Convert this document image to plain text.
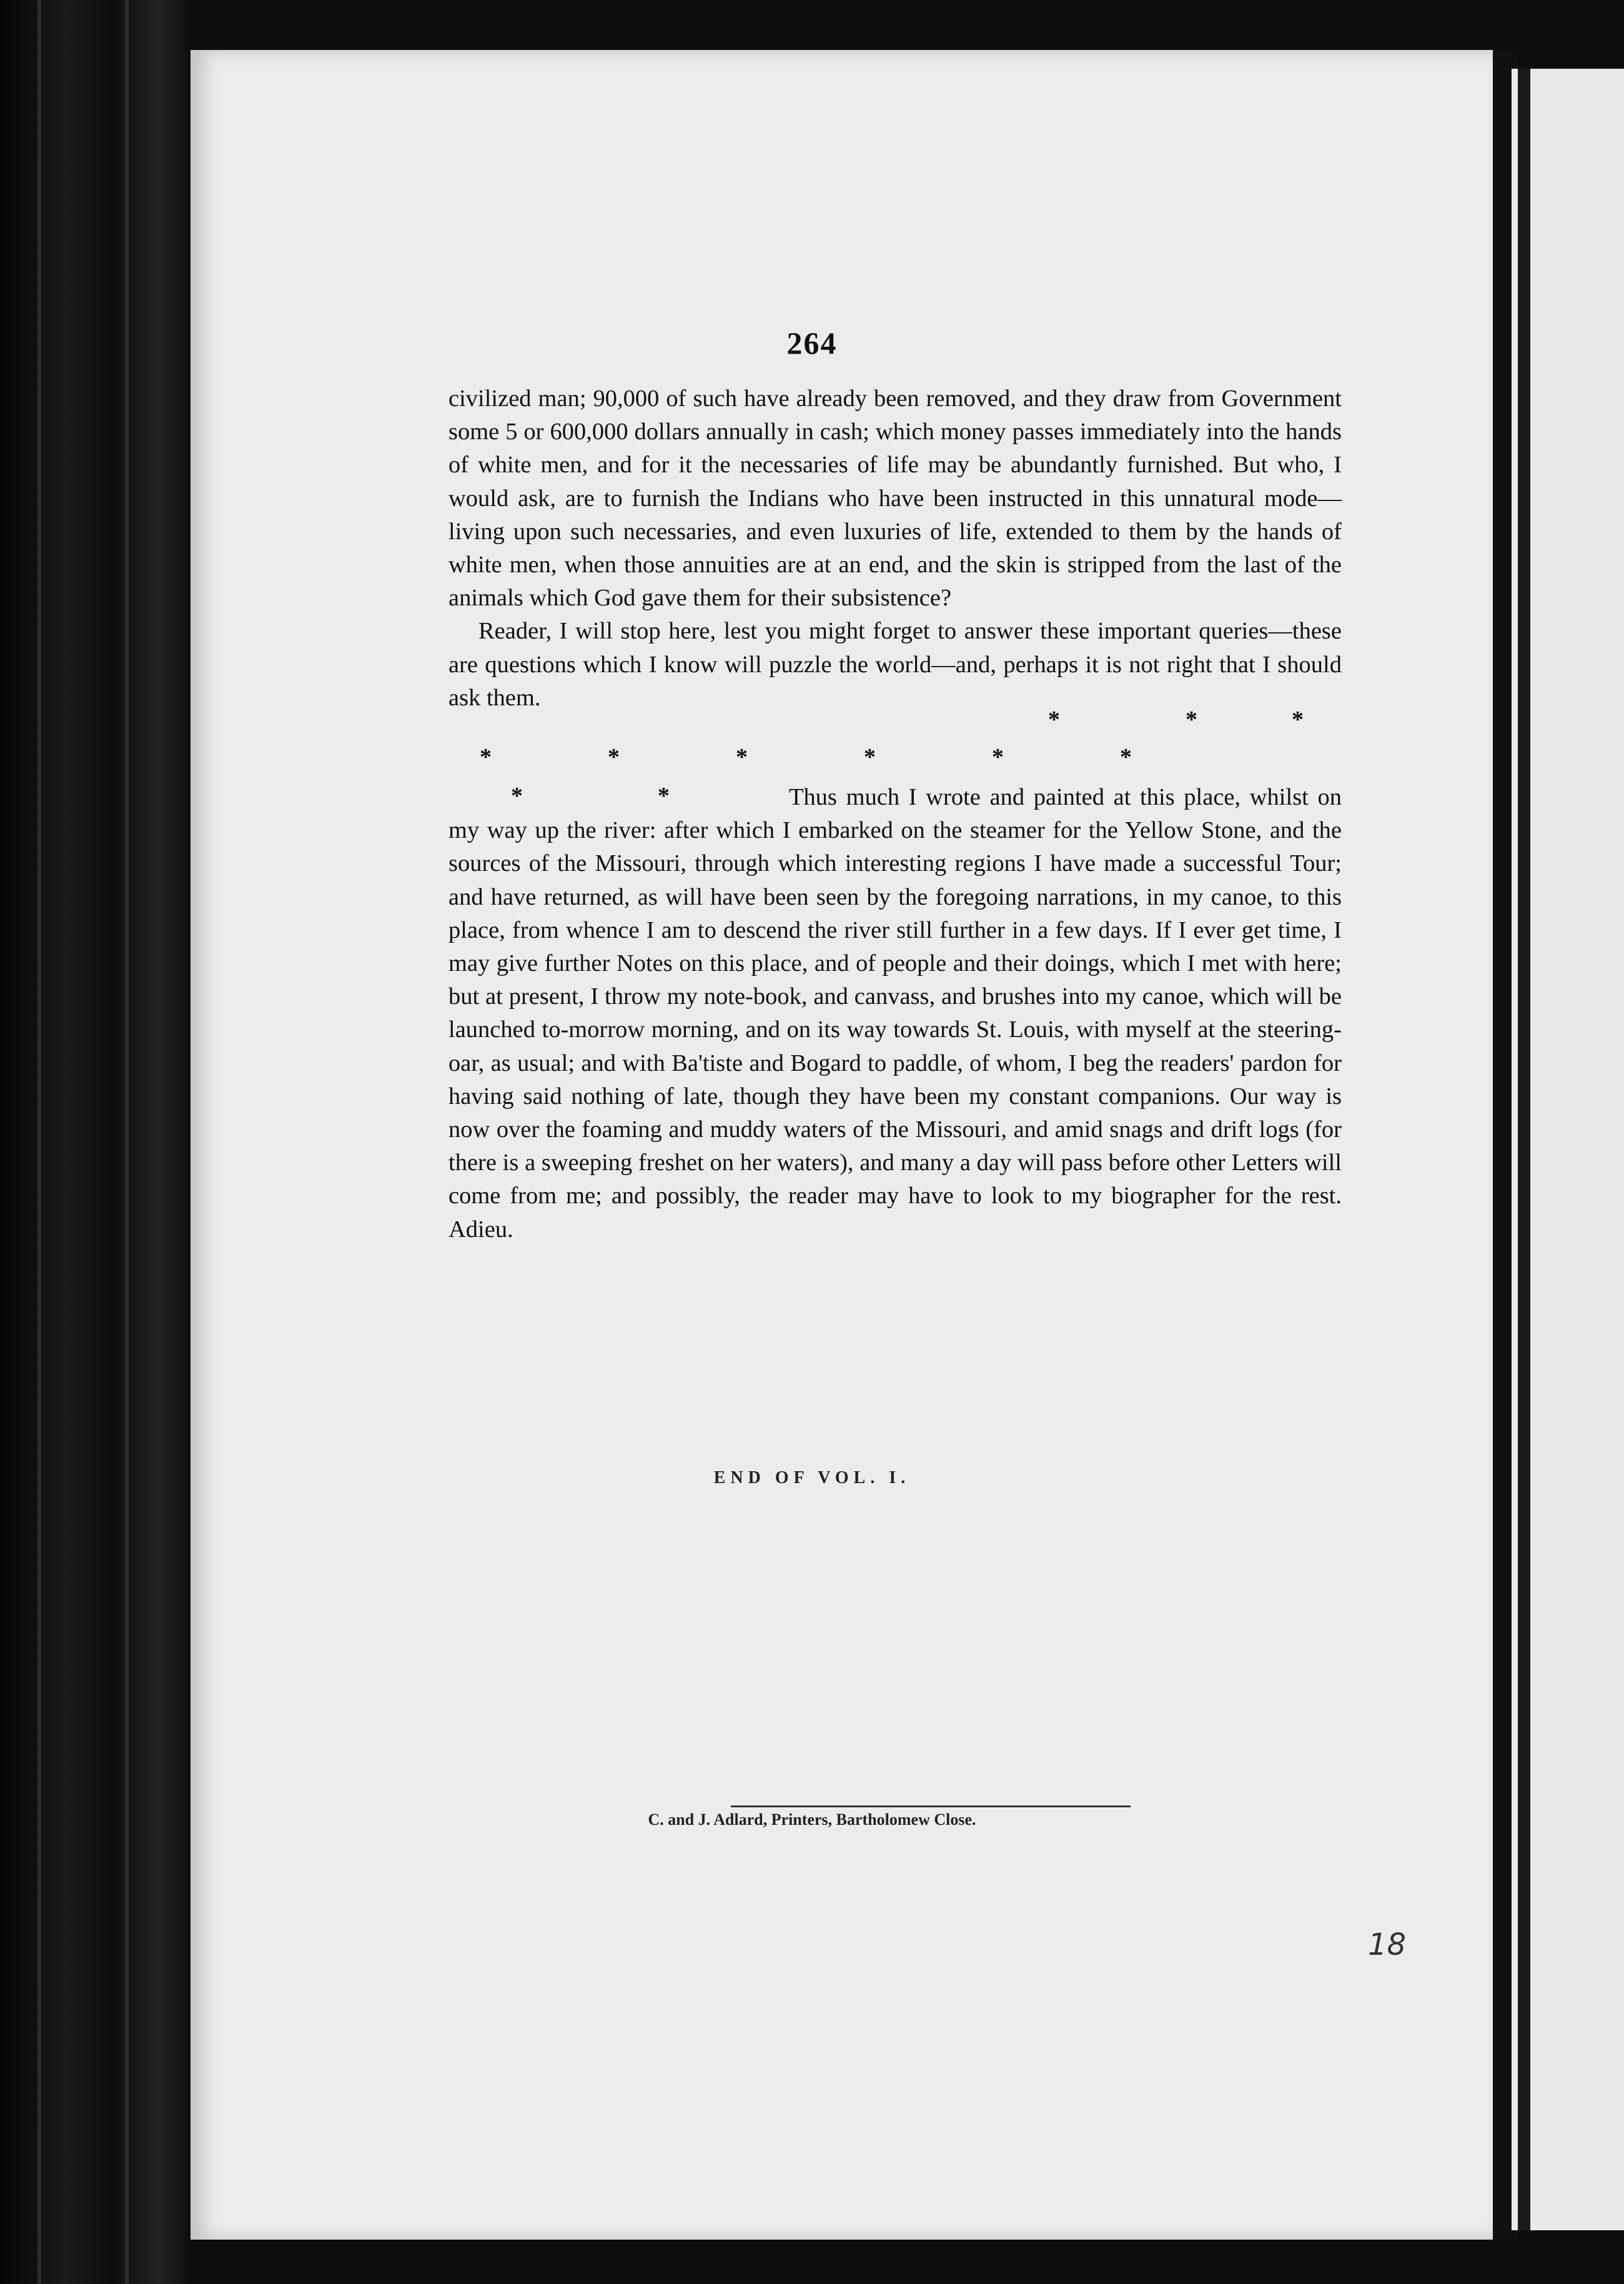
264

civilized man; 90,000 of such have already been removed, and they draw from Government some 5 or 600,000 dollars annually in cash; which money passes immediately into the hands of white men, and for it the necessaries of life may be abundantly furnished. But who, I would ask, are to furnish the Indians who have been instructed in this unnatural mode—living upon such necessaries, and even luxuries of life, extended to them by the hands of white men, when those annuities are at an end, and the skin is stripped from the last of the animals which God gave them for their subsistence?

Reader, I will stop here, lest you might forget to answer these important queries—these are questions which I know will puzzle the world—and, perhaps it is not right that I should ask them.

*	*	*
*	*	*	*	*	*
*	*	Thus much I wrote and painted at this place, whilst on my way up the river: after which I embarked on the steamer for the Yellow Stone, and the sources of the Missouri, through which interesting regions I have made a successful Tour; and have returned, as will have been seen by the foregoing narrations, in my canoe, to this place, from whence I am to descend the river still further in a few days. If I ever get time, I may give further Notes on this place, and of people and their doings, which I met with here; but at present, I throw my note-book, and canvass, and brushes into my canoe, which will be launched to-morrow morning, and on its way towards St. Louis, with myself at the steering-oar, as usual; and with Ba'tiste and Bogard to paddle, of whom, I beg the readers' pardon for having said nothing of late, though they have been my constant companions. Our way is now over the foaming and muddy waters of the Missouri, and amid snags and drift logs (for there is a sweeping freshet on her waters), and many a day will pass before other Letters will come from me; and possibly, the reader may have to look to my biographer for the rest. Adieu.
END OF VOL. I.
C. and J. Adlard, Printers, Bartholomew Close.
18
